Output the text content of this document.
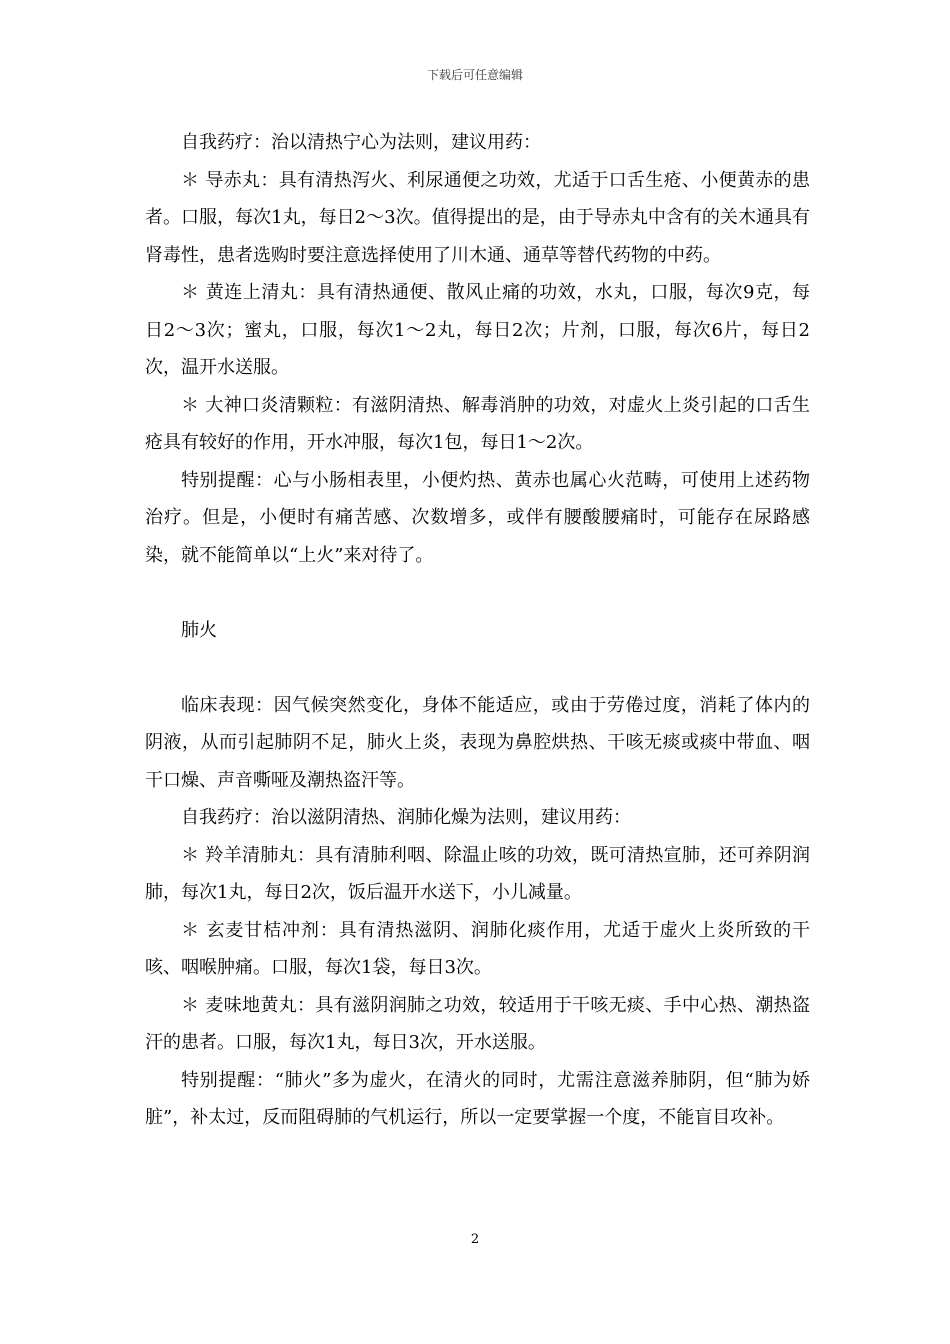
下载后可任意编辑

自我药疗：治以清热宁心为法则，建议用药：

＊ 导赤丸：具有清热泻火、利尿通便之功效，尤适于口舌生疮、小便黄赤的患者。口服，每次1丸，每日2～3次。值得提出的是，由于导赤丸中含有的关木通具有肾毒性，患者选购时要注意选择使用了川木通、通草等替代药物的中药。

＊ 黄连上清丸：具有清热通便、散风止痛的功效，水丸，口服，每次9克，每日2～3次；蜜丸，口服，每次1～2丸，每日2次；片剂，口服，每次6片，每日2次，温开水送服。

＊ 大神口炎清颗粒：有滋阴清热、解毒消肿的功效，对虚火上炎引起的口舌生疮具有较好的作用，开水冲服，每次1包，每日1～2次。

特别提醒：心与小肠相表里，小便灼热、黄赤也属心火范畴，可使用上述药物治疗。但是，小便时有痛苦感、次数增多，或伴有腰酸腰痛时，可能存在尿路感染，就不能简单以“上火”来对待了。

肺火

临床表现：因气候突然变化，身体不能适应，或由于劳倦过度，消耗了体内的阴液，从而引起肺阴不足，肺火上炎，表现为鼻腔烘热、干咳无痰或痰中带血、咽干口燥、声音嘶哑及潮热盗汗等。

自我药疗：治以滋阴清热、润肺化燥为法则，建议用药：

＊ 羚羊清肺丸：具有清肺利咽、除温止咳的功效，既可清热宣肺，还可养阴润肺，每次1丸，每日2次，饭后温开水送下，小儿减量。

＊ 玄麦甘桔冲剂：具有清热滋阴、润肺化痰作用，尤适于虚火上炎所致的干咳、咽喉肿痛。口服，每次1袋，每日3次。

＊ 麦味地黄丸：具有滋阴润肺之功效，较适用于干咳无痰、手中心热、潮热盗汗的患者。口服，每次1丸，每日3次，开水送服。

特别提醒：“肺火”多为虚火，在清火的同时，尤需注意滋养肺阴，但“肺为娇脏”，补太过，反而阻碍肺的气机运行，所以一定要掌握一个度，不能盲目攻补。

2
